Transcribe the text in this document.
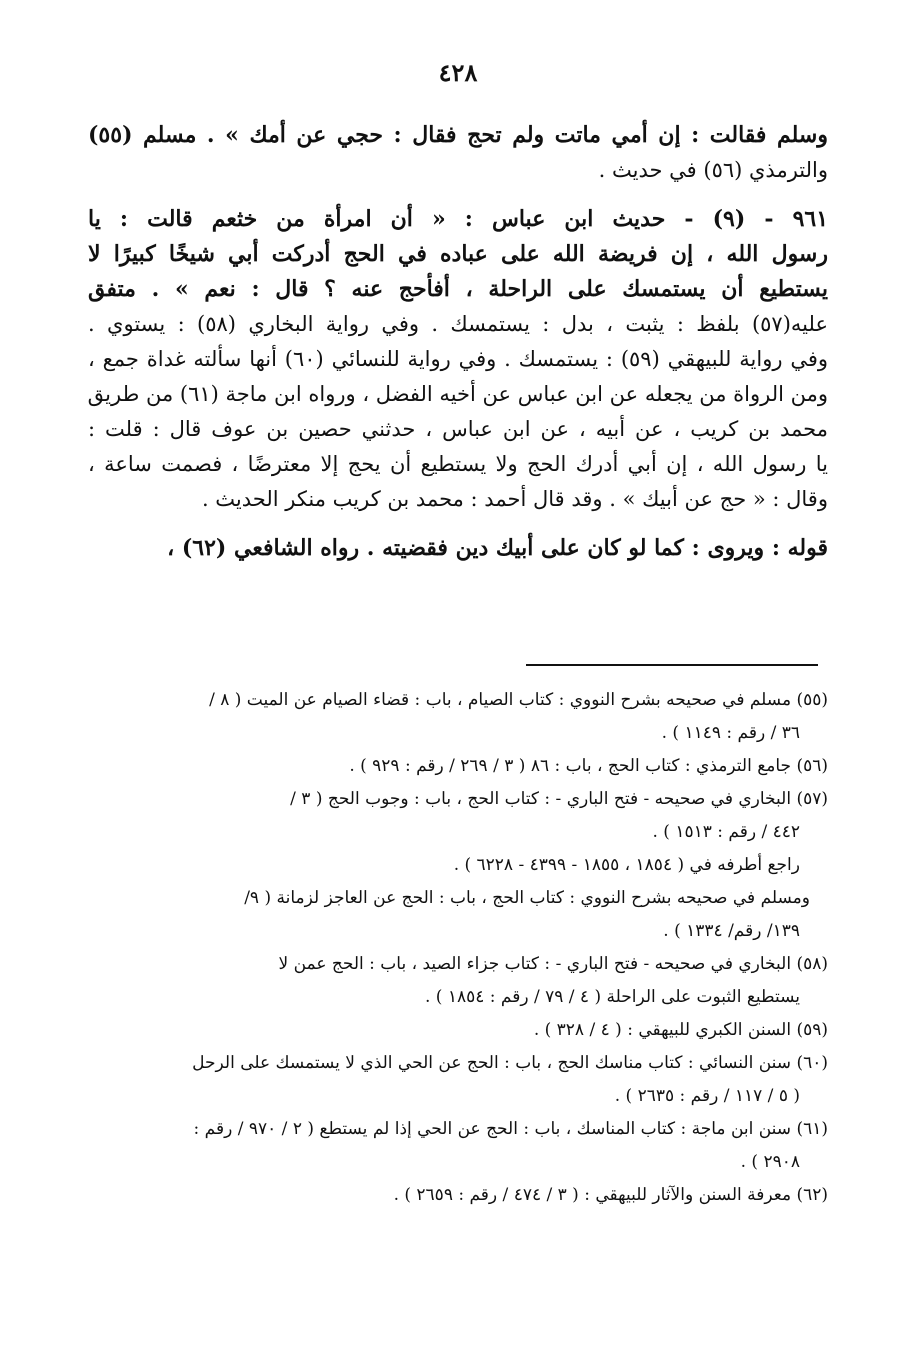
٤٢٨
وسلم فقالت : إن أمي ماتت ولم تحج فقال : حجي عن أمك » . مسلم (٥٥)
والترمذي (٥٦) في حديث .
٩٦١ - (٩) - حديث ابن عباس : « أن امرأة من خثعم قالت : يا
رسول الله ، إن فريضة الله على عباده في الحج أدركت أبي شيخًا كبيرًا لا
يستطيع أن يستمسك على الراحلة ، أفأحج عنه ؟ قال : نعم » . متفق
عليه(٥٧) بلفظ : يثبت ، بدل : يستمسك . وفي رواية البخاري (٥٨) : يستوي .
وفي رواية للبيهقي (٥٩) : يستمسك . وفي رواية للنسائي (٦٠) أنها سألته غداة جمع ،
ومن الرواة من يجعله عن ابن عباس عن أخيه الفضل ، ورواه ابن ماجة (٦١) من طريق
محمد بن كريب ، عن أبيه ، عن ابن عباس ، حدثني حصين بن عوف قال : قلت :
يا رسول الله ، إن أبي أدرك الحج ولا يستطيع أن يحج إلا معترضًا ، فصمت ساعة ،
وقال : « حج عن أبيك » . وقد قال أحمد : محمد بن كريب منكر الحديث .
قوله : ويروى : كما لو كان على أبيك دين فقضيته . رواه الشافعي (٦٢) ،
(٥٥) مسلم في صحيحه بشرح النووي : كتاب الصيام ، باب : قضاء الصيام عن الميت ( ٨ /
٣٦ / رقم : ١١٤٩ ) .
(٥٦) جامع الترمذي : كتاب الحج ، باب : ٨٦ ( ٣ / ٢٦٩ / رقم : ٩٢٩ ) .
(٥٧) البخاري في صحيحه - فتح الباري - : كتاب الحج ، باب : وجوب الحج ( ٣ /
٤٤٢ / رقم : ١٥١٣ ) .
راجع أطرفه في ( ١٨٥٤ ، ١٨٥٥ - ٤٣٩٩ - ٦٢٢٨ ) .
ومسلم في صحيحه بشرح النووي : كتاب الحج ، باب : الحج عن العاجز لزمانة ( ٩/
١٣٩/ رقم/ ١٣٣٤ ) .
(٥٨) البخاري في صحيحه - فتح الباري - : كتاب جزاء الصيد ، باب : الحج عمن لا
يستطيع الثبوت على الراحلة ( ٤ / ٧٩ / رقم : ١٨٥٤ ) .
(٥٩) السنن الكبري للبيهقي : ( ٤ / ٣٢٨ ) .
(٦٠) سنن النسائي : كتاب مناسك الحج ، باب : الحج عن الحي الذي لا يستمسك على الرحل
( ٥ / ١١٧ / رقم : ٢٦٣٥ ) .
(٦١) سنن ابن ماجة : كتاب المناسك ، باب : الحج عن الحي إذا لم يستطع ( ٢ / ٩٧٠ / رقم :
٢٩٠٨ ) .
(٦٢) معرفة السنن والآثار للبيهقي : ( ٣ / ٤٧٤ / رقم : ٢٦٥٩ ) .
